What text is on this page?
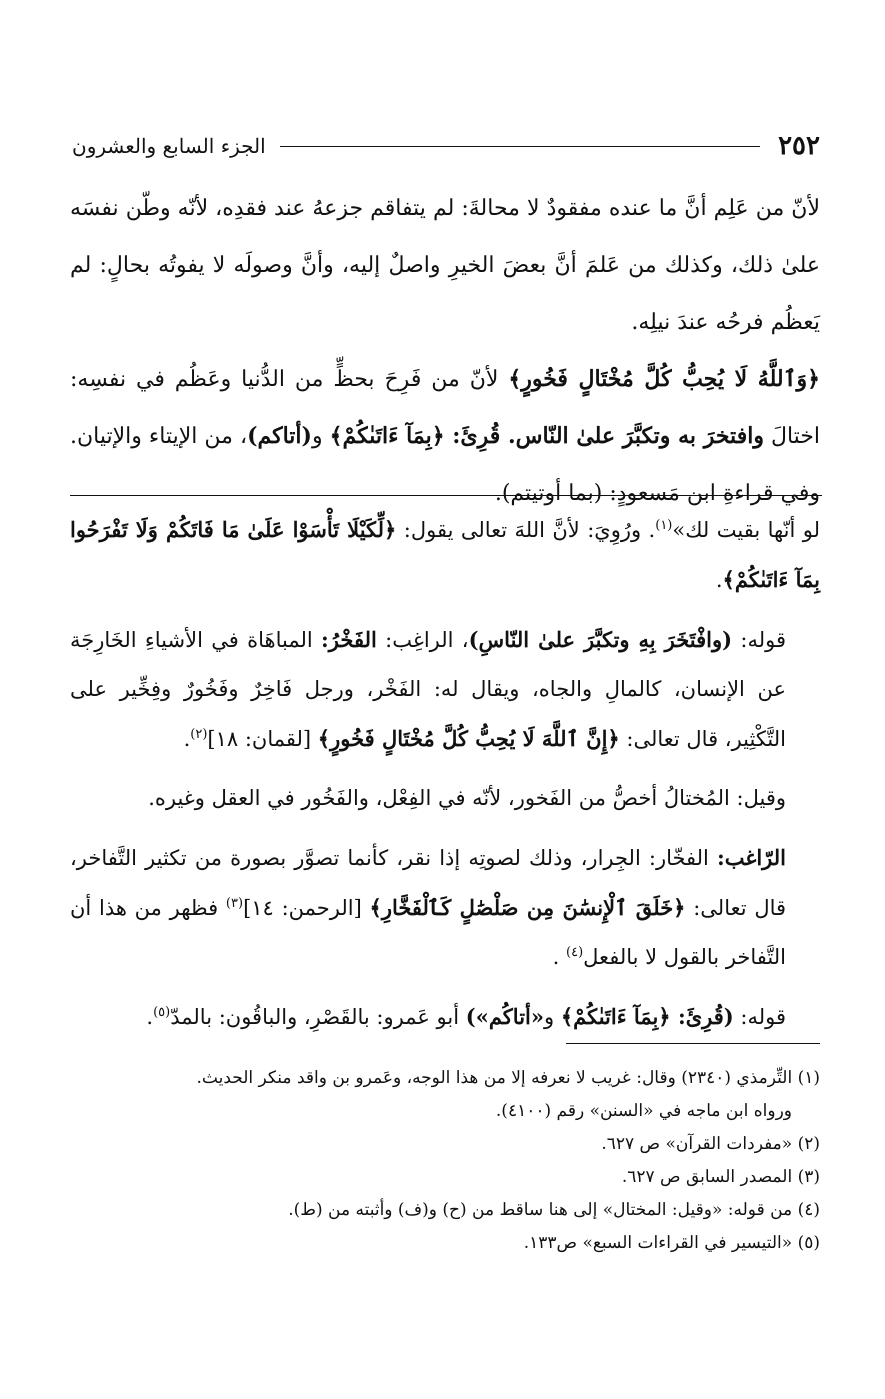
٢٥٢
الجزء السابع والعشرون

لأنّ من عَلِم أنَّ ما عنده مفقودٌ لا محالةَ: لم يتفاقم جزعهُ عند فقدِه، لأنّه وطّن نفسَه علىٰ ذلك، وكذلك من عَلمَ أنَّ بعضَ الخيرِ واصلٌ إليه، وأنَّ وصولَه لا يفوتُه بحالٍ: لم يَعظُم فرحُه عندَ نيلِه.

﴿وَٱللَّهُ لَا يُحِبُّ كُلَّ مُخْتَالٍ فَخُورٍ﴾ لأنّ من فَرِحَ بحظٍّ من الدُّنيا وعَظُم في نفسِه: اختالَ وافتخرَ به وتكبَّرَ علىٰ النّاس. قُرِئَ: ﴿بِمَآ ءَاتَىٰكُمْ﴾ و(أتاكم)، من الإيتاء والإتيان. وفي قراءةِ ابن مَسعودٍ: (بما أوتيتم).

لو أنّها بقيت لك»$^{(١)}$. ورُوِيَ: لأنَّ اللهَ تعالى يقول: ﴿لِّكَيْلَا تَأْسَوْا عَلَىٰ مَا فَاتَكُمْ وَلَا تَفْرَحُوا بِمَآ ءَاتَىٰكُمْ﴾.

قوله: (وافْتَخَرَ بِهِ وتكبَّرَ علىٰ النّاسِ)، الراغِب: الفَخْرُ: المباهَاة في الأشياءِ الخَارِجَة عن الإنسان، كالمالِ والجاه، ويقال له: الفَخْر، ورجل فَاخِرٌ وفَخُورٌ وفِخِّير على التَّكْثِير، قال تعالى: ﴿إِنَّ ٱللَّهَ لَا يُحِبُّ كُلَّ مُخْتَالٍ فَخُورٍ﴾ [لقمان: ١٨]$^{(٢)}$.

وقيل: المُختالُ أخصُّ من الفَخور، لأنّه في الفِعْل، والفَخُور في العقل وغيره.

الرّاغب: الفخّار: الجِرار، وذلك لصوتِه إذا نقر، كأنما تصوَّر بصورة من تكثير التَّفاخر، قال تعالى: ﴿خَلَقَ ٱلْإِنسَٰنَ مِن صَلْصَٰلٍ كَٱلْفَخَّارِ﴾ [الرحمن: ١٤]$^{(٣)}$ فظهر من هذا أن التَّفاخر بالقول لا بالفعل$^{(٤)}$ .

قوله: (قُرِئَ: ﴿بِمَآ ءَاتَىٰكُمْ﴾ و«أتاكُم») أبو عَمرو: بالقَصْرِ، والباقُون: بالمدّ$^{(٥)}$.

(١) التِّرمذي (٢٣٤٠) وقال: غريب لا نعرفه إلا من هذا الوجه، وعَمرو بن واقد منكر الحديث.

ورواه ابن ماجه في «السنن» رقم (٤١٠٠).

(٢) «مفردات القرآن» ص ٦٢٧.

(٣) المصدر السابق ص ٦٢٧.

(٤) من قوله: «وقيل: المختال» إلى هنا ساقط من (ح) و(ف) وأثبته من (ط).

(٥) «التيسير في القراءات السبع» ص١٣٣.
